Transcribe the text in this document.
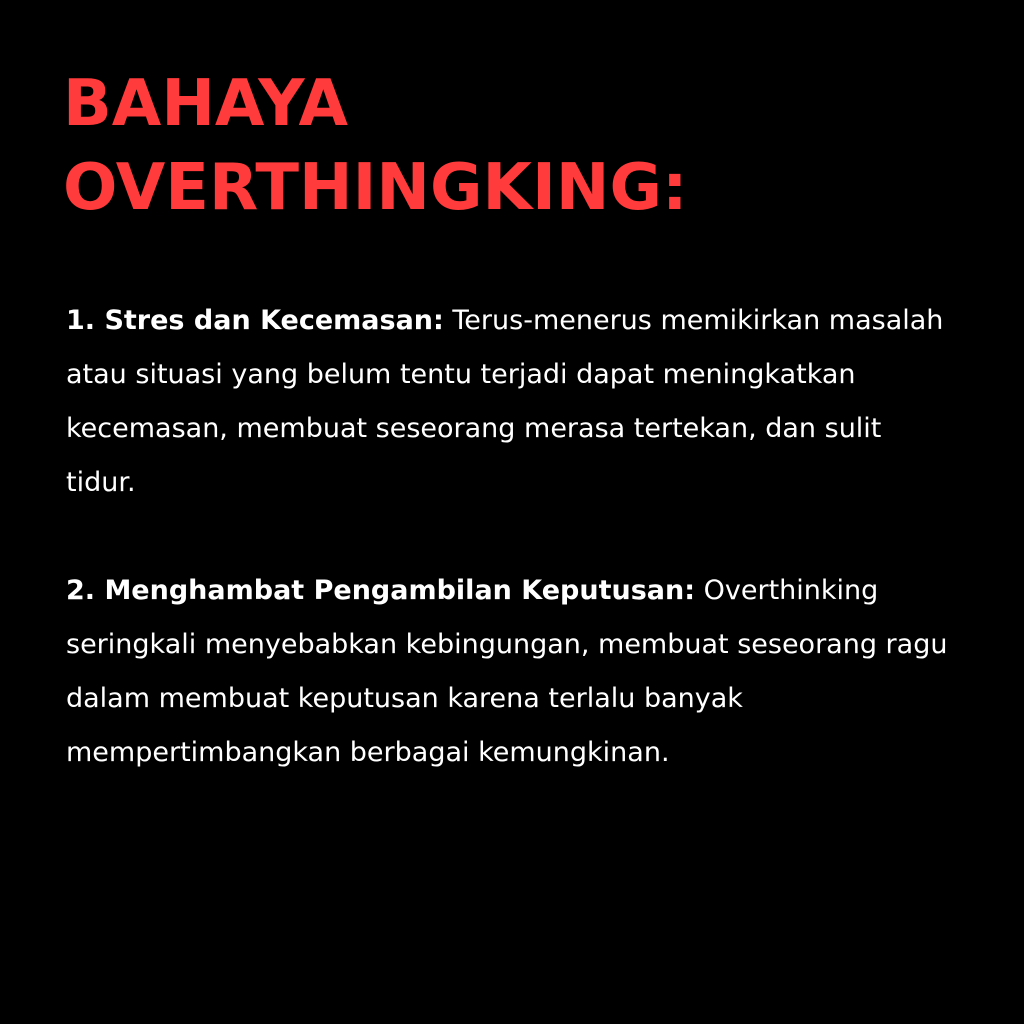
BAHAYA
OVERTHINGKING:

1. Stres dan Kecemasan: Terus-menerus memikirkan masalah atau situasi yang belum tentu terjadi dapat meningkatkan kecemasan, membuat seseorang merasa tertekan, dan sulit tidur.

2. Menghambat Pengambilan Keputusan: Overthinking seringkali menyebabkan kebingungan, membuat seseorang ragu dalam membuat keputusan karena terlalu banyak mempertimbangkan berbagai kemungkinan.
